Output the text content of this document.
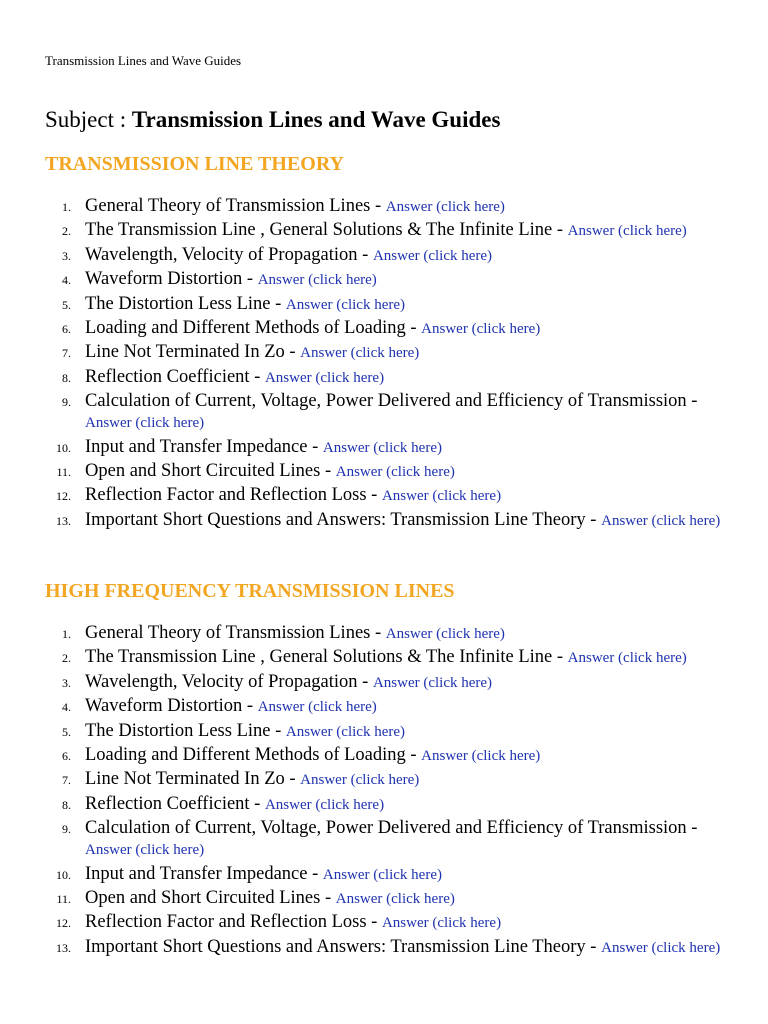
Transmission Lines and Wave Guides
Subject : Transmission Lines and Wave Guides
TRANSMISSION LINE THEORY
1. General Theory of Transmission Lines - Answer (click here)
2. The Transmission Line , General Solutions & The Infinite Line - Answer (click here)
3. Wavelength, Velocity of Propagation - Answer (click here)
4. Waveform Distortion - Answer (click here)
5. The Distortion Less Line - Answer (click here)
6. Loading and Different Methods of Loading - Answer (click here)
7. Line Not Terminated In Zo - Answer (click here)
8. Reflection Coefficient - Answer (click here)
9. Calculation of Current, Voltage, Power Delivered and Efficiency of Transmission - Answer (click here)
10. Input and Transfer Impedance - Answer (click here)
11. Open and Short Circuited Lines - Answer (click here)
12. Reflection Factor and Reflection Loss - Answer (click here)
13. Important Short Questions and Answers: Transmission Line Theory - Answer (click here)
HIGH FREQUENCY TRANSMISSION LINES
1. General Theory of Transmission Lines - Answer (click here)
2. The Transmission Line , General Solutions & The Infinite Line - Answer (click here)
3. Wavelength, Velocity of Propagation - Answer (click here)
4. Waveform Distortion - Answer (click here)
5. The Distortion Less Line - Answer (click here)
6. Loading and Different Methods of Loading - Answer (click here)
7. Line Not Terminated In Zo - Answer (click here)
8. Reflection Coefficient - Answer (click here)
9. Calculation of Current, Voltage, Power Delivered and Efficiency of Transmission - Answer (click here)
10. Input and Transfer Impedance - Answer (click here)
11. Open and Short Circuited Lines - Answer (click here)
12. Reflection Factor and Reflection Loss - Answer (click here)
13. Important Short Questions and Answers: Transmission Line Theory - Answer (click here)
